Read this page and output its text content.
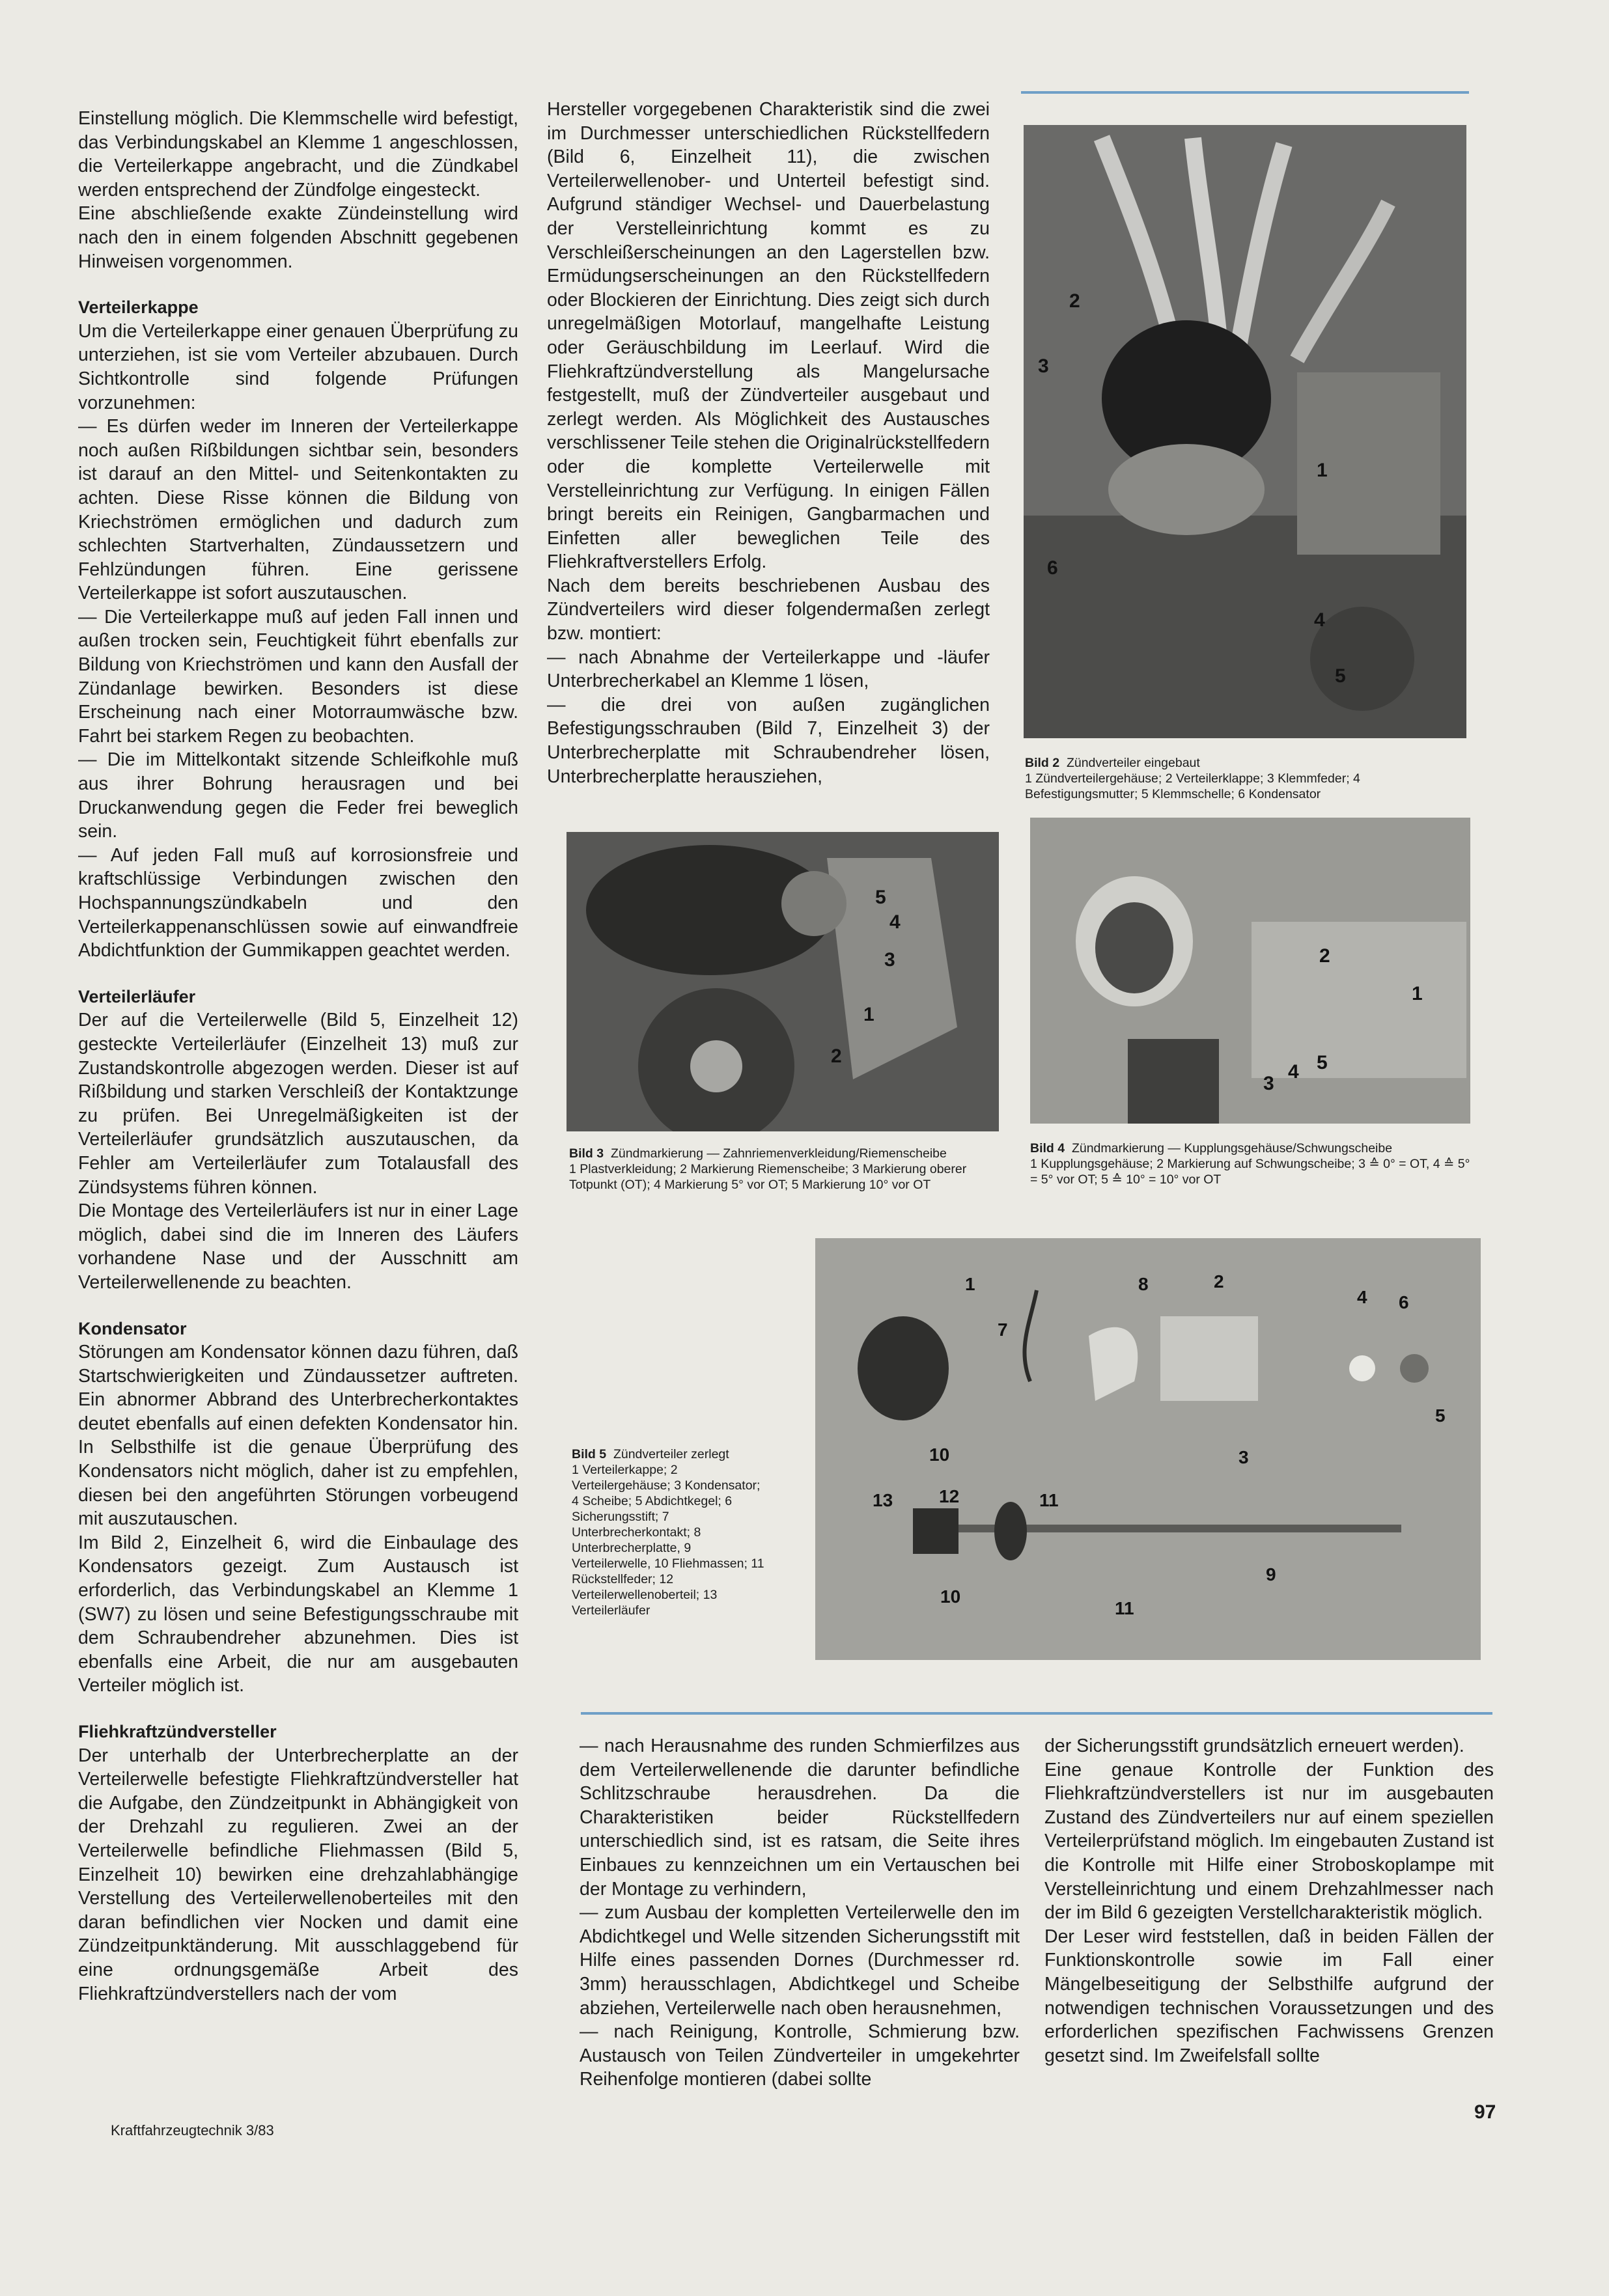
Einstellung möglich. Die Klemmschelle wird befestigt, das Verbindungskabel an Klemme 1 angeschlossen, die Verteilerkappe angebracht, und die Zündkabel werden entsprechend der Zündfolge eingesteckt.

Eine abschließende exakte Zündeinstellung wird nach den in einem folgenden Abschnitt gegebenen Hinweisen vorgenommen.

Verteilerkappe

Um die Verteilerkappe einer genauen Überprüfung zu unterziehen, ist sie vom Verteiler abzubauen. Durch Sichtkontrolle sind folgende Prüfungen vorzunehmen:

— Es dürfen weder im Inneren der Verteilerkappe noch außen Rißbildungen sichtbar sein, besonders ist darauf an den Mittel- und Seitenkontakten zu achten. Diese Risse können die Bildung von Kriechströmen ermöglichen und dadurch zum schlechten Startverhalten, Zündaussetzern und Fehlzündungen führen. Eine gerissene Verteilerkappe ist sofort auszutauschen.

— Die Verteilerkappe muß auf jeden Fall innen und außen trocken sein, Feuchtigkeit führt ebenfalls zur Bildung von Kriechströmen und kann den Ausfall der Zündanlage bewirken. Besonders ist diese Erscheinung nach einer Motorraumwäsche bzw. Fahrt bei starkem Regen zu beobachten.

— Die im Mittelkontakt sitzende Schleifkohle muß aus ihrer Bohrung herausragen und bei Druckanwendung gegen die Feder frei beweglich sein.

— Auf jeden Fall muß auf korrosionsfreie und kraftschlüssige Verbindungen zwischen den Hochspannungszündkabeln und den Verteilerkappenanschlüssen sowie auf einwandfreie Abdichtfunktion der Gummikappen geachtet werden.

Verteilerläufer

Der auf die Verteilerwelle (Bild 5, Einzelheit 12) gesteckte Verteilerläufer (Einzelheit 13) muß zur Zustandskontrolle abgezogen werden. Dieser ist auf Rißbildung und starken Verschleiß der Kontaktzunge zu prüfen. Bei Unregelmäßigkeiten ist der Verteilerläufer grundsätzlich auszutauschen, da Fehler am Verteilerläufer zum Totalausfall des Zündsystems führen können.

Die Montage des Verteilerläufers ist nur in einer Lage möglich, dabei sind die im Inneren des Läufers vorhandene Nase und der Ausschnitt am Verteilerwellenende zu beachten.

Kondensator

Störungen am Kondensator können dazu führen, daß Startschwierigkeiten und Zündaussetzer auftreten. Ein abnormer Abbrand des Unterbrecherkontaktes deutet ebenfalls auf einen defekten Kondensator hin. In Selbsthilfe ist die genaue Überprüfung des Kondensators nicht möglich, daher ist zu empfehlen, diesen bei den angeführten Störungen vorbeugend mit auszutauschen.

Im Bild 2, Einzelheit 6, wird die Einbaulage des Kondensators gezeigt. Zum Austausch ist erforderlich, das Verbindungskabel an Klemme 1 (SW7) zu lösen und seine Befestigungsschraube mit dem Schraubendreher abzunehmen. Dies ist ebenfalls eine Arbeit, die nur am ausgebauten Verteiler möglich ist.

Fliehkraftzündversteller

Der unterhalb der Unterbrecherplatte an der Verteilerwelle befestigte Fliehkraftzündversteller hat die Aufgabe, den Zündzeitpunkt in Abhängigkeit von der Drehzahl zu regulieren. Zwei an der Verteilerwelle befindliche Fliehmassen (Bild 5, Einzelheit 10) bewirken eine drehzahlabhängige Verstellung des Verteilerwellenoberteiles mit den daran befindlichen vier Nocken und damit eine Zündzeitpunktänderung. Mit ausschlaggebend für eine ordnungsgemäße Arbeit des Fliehkraftzündverstellers nach der vom

Hersteller vorgegebenen Charakteristik sind die zwei im Durchmesser unterschiedlichen Rückstellfedern (Bild 6, Einzelheit 11), die zwischen Verteilerwellenober- und Unterteil befestigt sind. Aufgrund ständiger Wechsel- und Dauerbelastung der Verstelleinrichtung kommt es zu Verschleißerscheinungen an den Lagerstellen bzw. Ermüdungserscheinungen an den Rückstellfedern oder Blockieren der Einrichtung. Dies zeigt sich durch unregelmäßigen Motorlauf, mangelhafte Leistung oder Geräuschbildung im Leerlauf. Wird die Fliehkraftzündverstellung als Mangelursache festgestellt, muß der Zündverteiler ausgebaut und zerlegt werden. Als Möglichkeit des Austausches verschlissener Teile stehen die Originalrückstellfedern oder die komplette Verteilerwelle mit Verstelleinrichtung zur Verfügung. In einigen Fällen bringt bereits ein Reinigen, Gangbarmachen und Einfetten aller beweglichen Teile des Fliehkraftverstellers Erfolg.

Nach dem bereits beschriebenen Ausbau des Zündverteilers wird dieser folgendermaßen zerlegt bzw. montiert:

— nach Abnahme der Verteilerkappe und -läufer Unterbrecherkabel an Klemme 1 lösen,

— die drei von außen zugänglichen Befestigungsschrauben (Bild 7, Einzelheit 3) der Unterbrecherplatte mit Schraubendreher lösen, Unterbrecherplatte herausziehen,

2
3
1
6
4
5
Bild 2 Zündverteiler eingebaut
1 Zündverteilergehäuse; 2 Verteilerklappe; 3 Klemmfeder; 4 Befestigungsmutter; 5 Klemmschelle; 6 Kondensator
5
4
3
1
2
Bild 3 Zündmarkierung — Zahnriemenverkleidung/Riemenscheibe
1 Plastverkleidung; 2 Markierung Riemenscheibe; 3 Markierung oberer Totpunkt (OT); 4 Markierung 5° vor OT; 5 Markierung 10° vor OT
2
1
3
4 5
Bild 4 Zündmarkierung — Kupplungsgehäuse/Schwungscheibe
1 Kupplungsgehäuse; 2 Markierung auf Schwungscheibe; 3 ≙ 0° = OT, 4 ≙ 5° = 5° vor OT; 5 ≙ 10° = 10° vor OT
1
7
8	2
4 6
5
3
10
13	12	11
9
10
11
Bild 5 Zündverteiler zerlegt
1 Verteilerkappe; 2 Verteilergehäuse; 3 Kondensator; 4 Scheibe; 5 Abdichtkegel; 6 Sicherungsstift; 7 Unterbrecherkontakt; 8 Unterbrecherplatte, 9 Verteilerwelle, 10 Fliehmassen; 11 Rückstellfeder; 12 Verteilerwellenoberteil; 13 Verteilerläufer

— nach Herausnahme des runden Schmierfilzes aus dem Verteilerwellenende die darunter befindliche Schlitzschraube herausdrehen. Da die Charakteristiken beider Rückstellfedern unterschiedlich sind, ist es ratsam, die Seite ihres Einbaues zu kennzeichnen um ein Vertauschen bei der Montage zu verhindern,

— zum Ausbau der kompletten Verteilerwelle den im Abdichtkegel und Welle sitzenden Sicherungsstift mit Hilfe eines passenden Dornes (Durchmesser rd. 3mm) herausschlagen, Abdichtkegel und Scheibe abziehen, Verteilerwelle nach oben herausnehmen,

— nach Reinigung, Kontrolle, Schmierung bzw. Austausch von Teilen Zündverteiler in umgekehrter Reihenfolge montieren (dabei sollte

der Sicherungsstift grundsätzlich erneuert werden).

Eine genaue Kontrolle der Funktion des Fliehkraftzündverstellers ist nur im ausgebauten Zustand des Zündverteilers nur auf einem speziellen Verteilerprüfstand möglich. Im eingebauten Zustand ist die Kontrolle mit Hilfe einer Stroboskoplampe mit Verstelleinrichtung und einem Drehzahlmesser nach der im Bild 6 gezeigten Verstellcharakteristik möglich.

Der Leser wird feststellen, daß in beiden Fällen der Funktionskontrolle sowie im Fall einer Mängelbeseitigung der Selbsthilfe aufgrund der notwendigen technischen Voraussetzungen und des erforderlichen spezifischen Fachwissens Grenzen gesetzt sind. Im Zweifelsfall sollte

Kraftfahrzeugtechnik 3/83
97
